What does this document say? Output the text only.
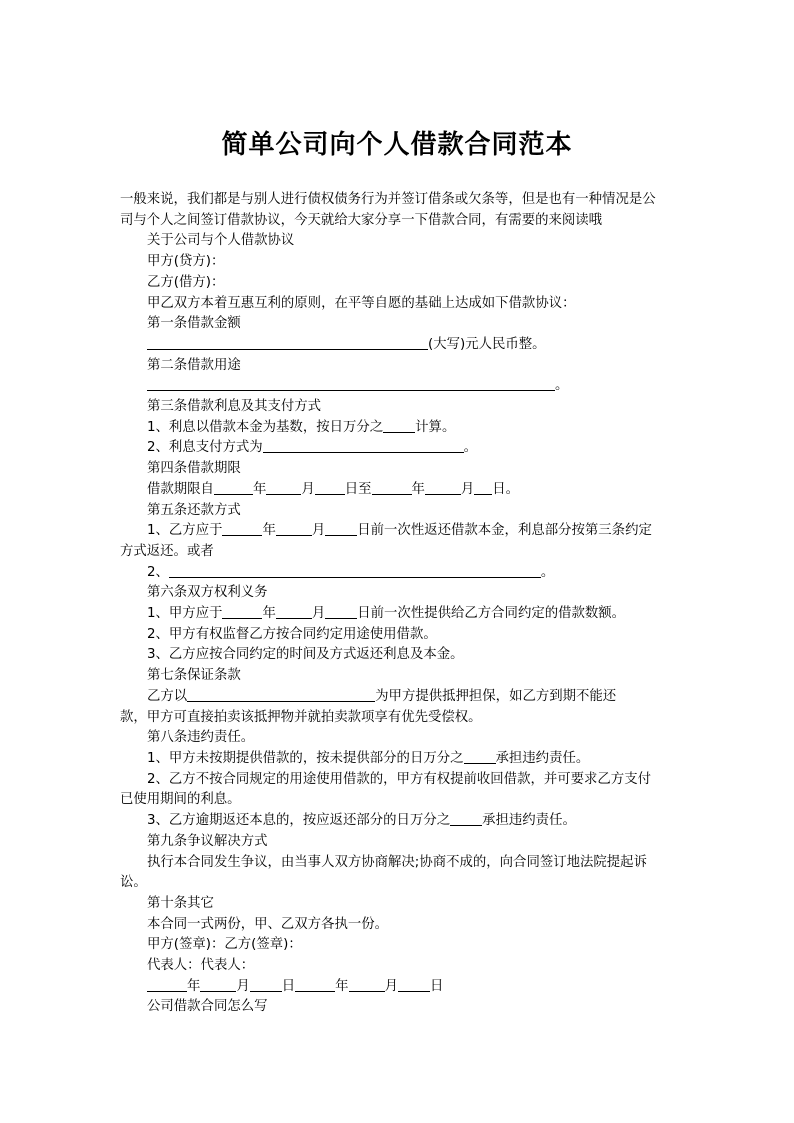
简单公司向个人借款合同范本
一般来说，我们都是与别人进行债权债务行为并签订借条或欠条等，但是也有一种情况是公
司与个人之间签订借款协议，今天就给大家分享一下借款合同，有需要的来阅读哦
关于公司与个人借款协议
甲方(贷方)：
乙方(借方)：
甲乙双方本着互惠互利的原则，在平等自愿的基础上达成如下借款协议：
第一条借款金额
(大写)元人民币整。
第二条借款用途
。
第三条借款利息及其支付方式
1、利息以借款本金为基数，按日万分之 计算。
2、利息支付方式为	。
第四条借款期限
借款期限自	年	月 日至	年	月 日。
第五条还款方式
1、乙方应于	年	月 日前一次性返还借款本金，利息部分按第三条约定
方式返还。或者
2、	。
第六条双方权利义务
1、甲方应于	年	月 日前一次性提供给乙方合同约定的借款数额。
2、甲方有权监督乙方按合同约定用途使用借款。
3、乙方应按合同约定的时间及方式返还利息及本金。
第七条保证条款
乙方以	为甲方提供抵押担保，如乙方到期不能还
款，甲方可直接拍卖该抵押物并就拍卖款项享有优先受偿权。
第八条违约责任。
1、甲方未按期提供借款的，按未提供部分的日万分之 承担违约责任。
2、乙方不按合同规定的用途使用借款的，甲方有权提前收回借款，并可要求乙方支付
已使用期间的利息。
3、乙方逾期返还本息的，按应返还部分的日万分之 承担违约责任。
第九条争议解决方式
执行本合同发生争议，由当事人双方协商解决;协商不成的，向合同签订地法院提起诉
讼。
第十条其它
本合同一式两份，甲、乙双方各执一份。
甲方(签章)：乙方(签章)：
代表人：代表人：
年	月 日	年	月 日
公司借款合同怎么写
